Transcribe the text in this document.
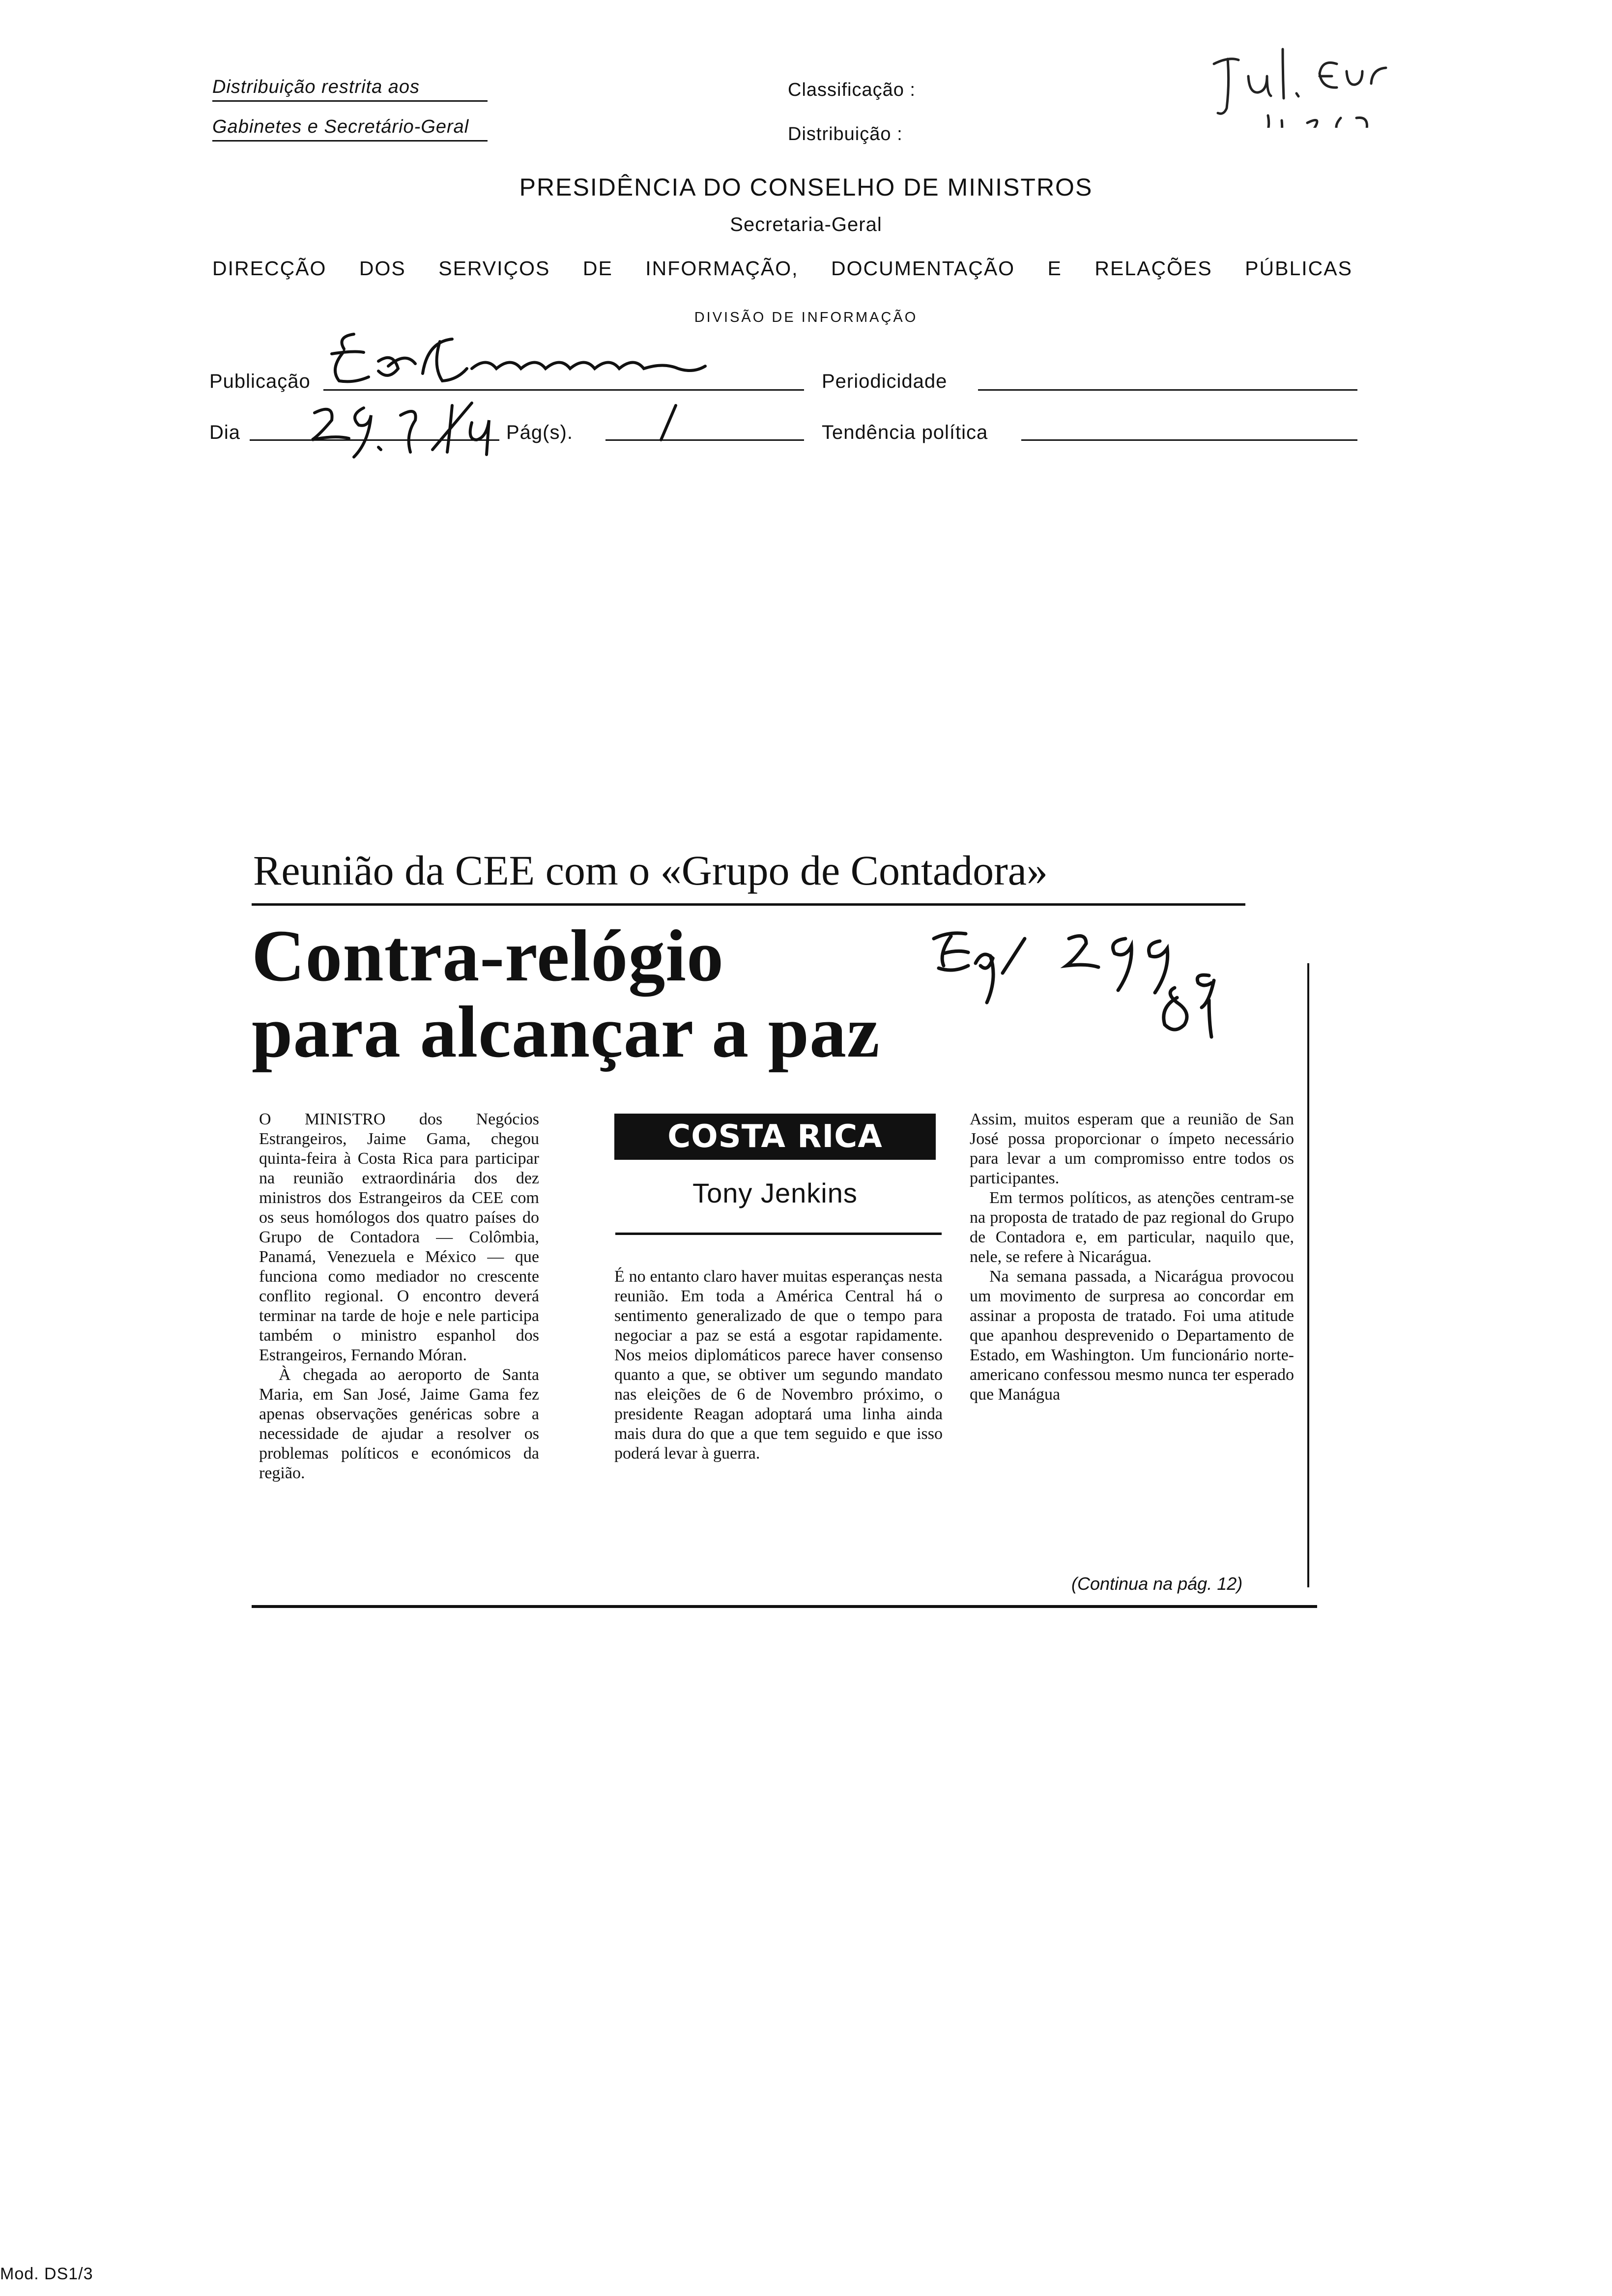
Distribuição restrita aos
Gabinetes e Secretário-Geral
Classificação :
Distribuição :
PRESIDÊNCIA DO CONSELHO DE MINISTROS
Secretaria-Geral
DIRECÇÃO DOS SERVIÇOS DE INFORMAÇÃO, DOCUMENTAÇÃO E RELAÇÕES PÚBLICAS
DIVISÃO DE INFORMAÇÃO
Publicação	Periodicidade
Dia	Pág(s).	Tendência política
Reunião da CEE com o «Grupo de Contadora»
Contra-relógio
para alcançar a paz

O MINISTRO dos Negócios Estrangeiros, Jaime Gama, chegou quinta-feira à Costa Rica para participar na reunião extraordinária dos dez ministros dos Estrangeiros da CEE com os seus homólogos dos quatro países do Grupo de Contadora — Colômbia, Panamá, Venezuela e México — que funciona como mediador no crescente conflito regional. O encontro deverá terminar na tarde de hoje e nele participa também o ministro espanhol dos Estrangeiros, Fernando Móran.

À chegada ao aeroporto de Santa Maria, em San José, Jaime Gama fez apenas observações genéricas sobre a necessidade de ajudar a resolver os problemas políticos e económicos da região.

COSTA RICA
Tony Jenkins

É no entanto claro haver muitas esperanças nesta reunião. Em toda a América Central há o sentimento generalizado de que o tempo para negociar a paz se está a esgotar rapidamente. Nos meios diplomáticos parece haver consenso quanto a que, se obtiver um segundo mandato nas eleições de 6 de Novembro próximo, o presidente Reagan adoptará uma linha ainda mais dura do que a que tem seguido e que isso poderá levar à guerra.

Assim, muitos esperam que a reunião de San José possa proporcionar o ímpeto necessário para levar a um compromisso entre todos os participantes.

Em termos políticos, as atenções centram-se na proposta de tratado de paz regional do Grupo de Contadora e, em particular, naquilo que, nele, se refere à Nicarágua.

Na semana passada, a Nicarágua provocou um movimento de surpresa ao concordar em assinar a proposta de tratado. Foi uma atitude que apanhou desprevenido o Departamento de Estado, em Washington. Um funcionário norte-americano confessou mesmo nunca ter esperado que Manágua

(Continua na pág. 12)
Mod. DS1/3
